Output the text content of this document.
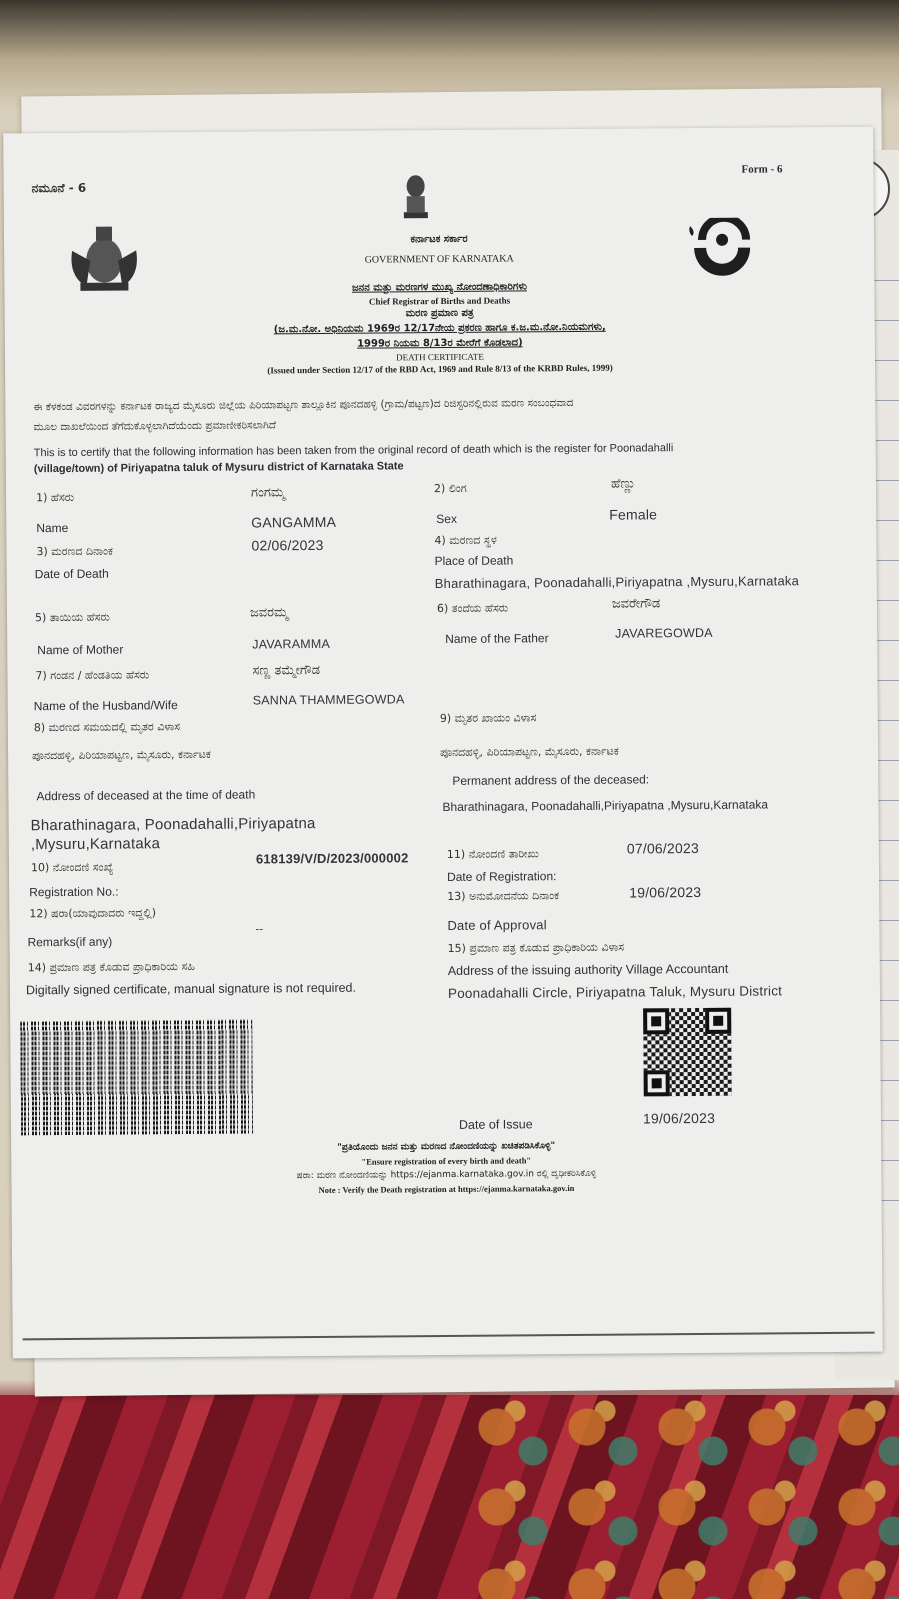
ನಮೂನೆ - 6
Form - 6
ಕರ್ನಾಟಕ ಸರ್ಕಾರ
GOVERNMENT OF KARNATAKA
ಜನನ ಮತ್ತು ಮರಣಗಳ ಮುಖ್ಯ ನೋಂದಣಾಧಿಕಾರಿಗಳು
Chief Registrar of Births and Deaths
ಮರಣ ಪ್ರಮಾಣ ಪತ್ರ
(ಜ.ಮ.ನೋ. ಅಧಿನಿಯಮ 1969ರ 12/17ನೇಯ ಪ್ರಕರಣ ಹಾಗೂ ಕ.ಜ.ಮ.ನೋ.ನಿಯಮಗಳು,
1999ರ ನಿಯಮ 8/13ರ ಮೇರೆಗೆ ಕೊಡಲಾದ)
DEATH CERTIFICATE
(Issued under Section 12/17 of the RBD Act, 1969 and Rule 8/13 of the KRBD Rules, 1999)
ಈ ಕೆಳಕಂಡ ವಿವರಗಳನ್ನು ಕರ್ನಾಟಕ ರಾಜ್ಯದ ಮೈಸೂರು ಜಿಲ್ಲೆಯ ಪಿರಿಯಾಪಟ್ಟಣ ತಾಲ್ಲೂಕಿನ ಪೂನದಹಳ್ಳಿ (ಗ್ರಾಮ/ಪಟ್ಟಣ)ದ ರಿಜಿಸ್ಟರಿನಲ್ಲಿರುವ ಮರಣ ಸಂಬಂಧವಾದ
ಮೂಲ ದಾಖಲೆಯಿಂದ ತೆಗೆದುಕೊಳ್ಳಲಾಗಿದೆಯೆಂದು ಪ್ರಮಾಣೀಕರಿಸಲಾಗಿದೆ
This is to certify that the following information has been taken from the original record of death which is the register for Poonadahalli
(village/town) of Piriyapatna taluk of Mysuru district of Karnataka State
1) ಹೆಸರು	ಗಂಗಮ್ಮ
Name	GANGAMMA
2) ಲಿಂಗ	ಹೆಣ್ಣು
Sex	Female
3) ಮರಣದ ದಿನಾಂಕ	02/06/2023
Date of Death
4) ಮರಣದ ಸ್ಥಳ
Place of Death
Bharathinagara, Poonadahalli,Piriyapatna ,Mysuru,Karnataka
5) ತಾಯಿಯ ಹೆಸರು	ಜವರಮ್ಮ
Name of Mother	JAVARAMMA
6) ತಂದೆಯ ಹೆಸರು	ಜವರೇಗೌಡ
Name of the Father	JAVAREGOWDA
7) ಗಂಡನ / ಹೆಂಡತಿಯ ಹೆಸರು	ಸಣ್ಣ ತಮ್ಮೇಗೌಡ
Name of the Husband/Wife	SANNA THAMMEGOWDA
8) ಮರಣದ ಸಮಯದಲ್ಲಿ ಮೃತರ ವಿಳಾಸ
ಪೂನದಹಳ್ಳಿ, ಪಿರಿಯಾಪಟ್ಟಣ, ಮೈಸೂರು, ಕರ್ನಾಟಕ
Address of deceased at the time of death
Bharathinagara, Poonadahalli,Piriyapatna
,Mysuru,Karnataka
9) ಮೃತರ ಖಾಯಂ ವಿಳಾಸ
ಪೂನದಹಳ್ಳಿ, ಪಿರಿಯಾಪಟ್ಟಣ, ಮೈಸೂರು, ಕರ್ನಾಟಕ
Permanent address of the deceased:
Bharathinagara, Poonadahalli,Piriyapatna ,Mysuru,Karnataka
10) ನೋಂದಣಿ ಸಂಖ್ಯೆ
618139/V/D/2023/000002
Registration No.:
11) ನೋಂದಣಿ ತಾರೀಖು	07/06/2023
Date of Registration:
12) ಷರಾ(ಯಾವುದಾದರು ಇದ್ದಲ್ಲಿ)
Remarks(if any)
--
13) ಅನುಮೋದನೆಯ ದಿನಾಂಕ	19/06/2023
Date of Approval
14) ಪ್ರಮಾಣ ಪತ್ರ ಕೊಡುವ ಪ್ರಾಧಿಕಾರಿಯ ಸಹಿ
Digitally signed certificate, manual signature is not required.
15) ಪ್ರಮಾಣ ಪತ್ರ ಕೊಡುವ ಪ್ರಾಧಿಕಾರಿಯ ವಿಳಾಸ
Address of the issuing authority Village Accountant
Poonadahalli Circle, Piriyapatna Taluk, Mysuru District
Date of Issue	19/06/2023
"ಪ್ರತಿಯೊಂದು ಜನನ ಮತ್ತು ಮರಣದ ನೋಂದಣಿಯನ್ನು ಖಚಿತಪಡಿಸಿಕೊಳ್ಳಿ"
"Ensure registration of every birth and death"
ಷರಾ: ಮರಣ ನೋಂದಣಿಯನ್ನು https://ejanma.karnataka.gov.in ರಲ್ಲಿ ದೃಢೀಕರಿಸಿಕೊಳ್ಳಿ
Note : Verify the Death registration at https://ejanma.karnataka.gov.in
